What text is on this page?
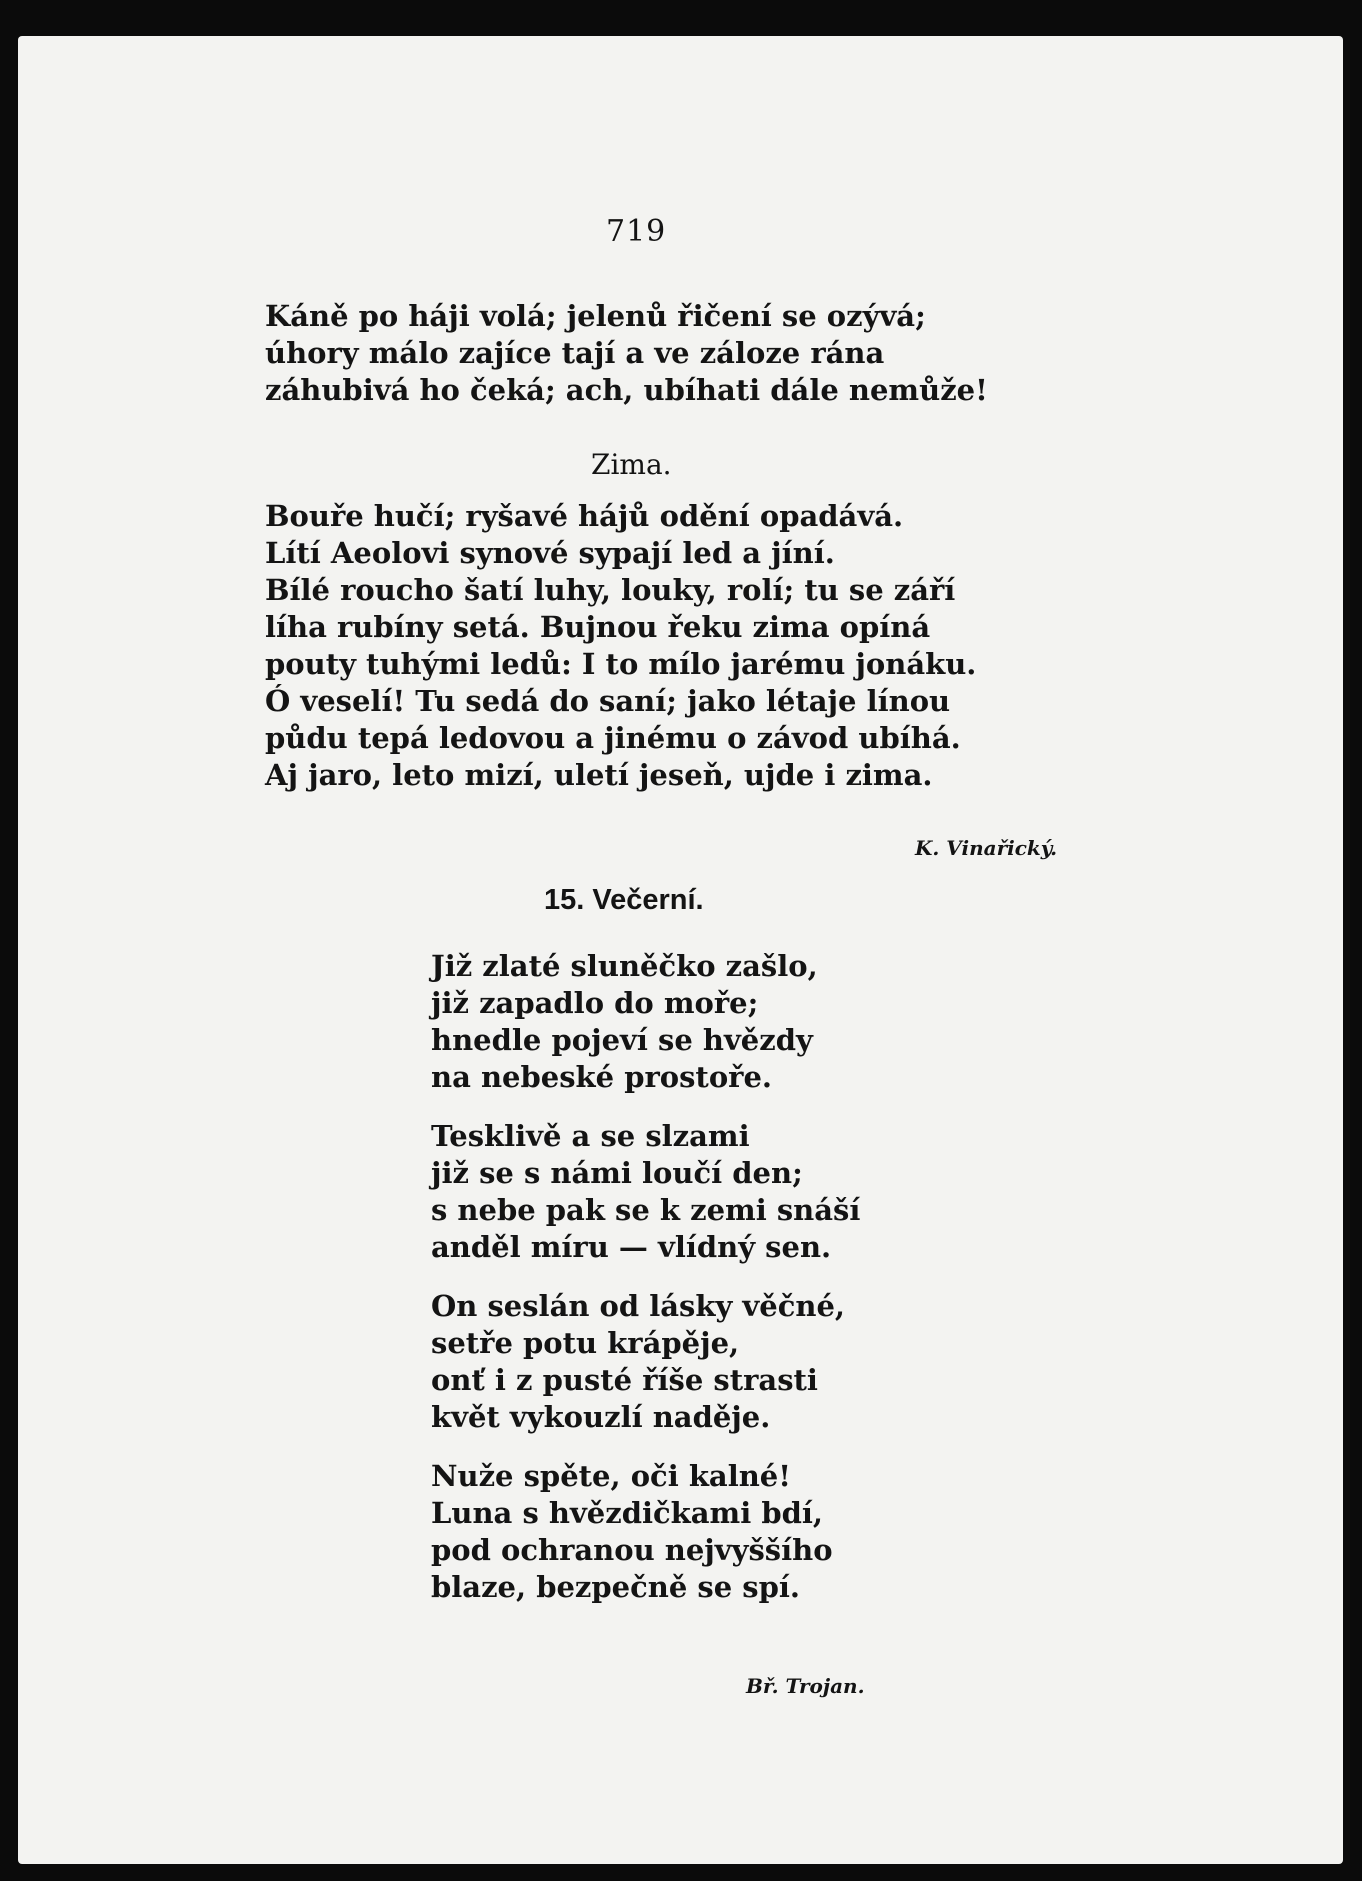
719
Káně po háji volá; jelenů řičení se ozývá;
úhory málo zajíce tají a ve záloze rána
záhubivá ho čeká; ach, ubíhati dále nemůže!
Zima.
Bouře hučí; ryšavé hájů odění opadává.
Lítí Aeolovi synové sypají led a jíní.
Bílé roucho šatí luhy, louky, rolí; tu se září
líha rubíny setá. Bujnou řeku zima opíná
pouty tuhými ledů: I to mílo jarému jonáku.
Ó veselí! Tu sedá do saní; jako létaje línou
půdu tepá ledovou a jinému o závod ubíhá.
Aj jaro, leto mizí, uletí jeseň, ujde i zima.
K. Vinařický.
15. Večerní.
Již zlaté sluněčko zašlo,
již zapadlo do moře;
hnedle pojeví se hvězdy
na nebeské prostoře.
Tesklivě a se slzami
již se s námi loučí den;
s nebe pak se k zemi snáší
anděl míru — vlídný sen.
On seslán od lásky věčné,
setře potu krápěje,
onť i z pusté říše strasti
květ vykouzlí naděje.
Nuže spěte, oči kalné!
Luna s hvězdičkami bdí,
pod ochranou nejvyššího
blaze, bezpečně se spí.
Bř. Trojan.
